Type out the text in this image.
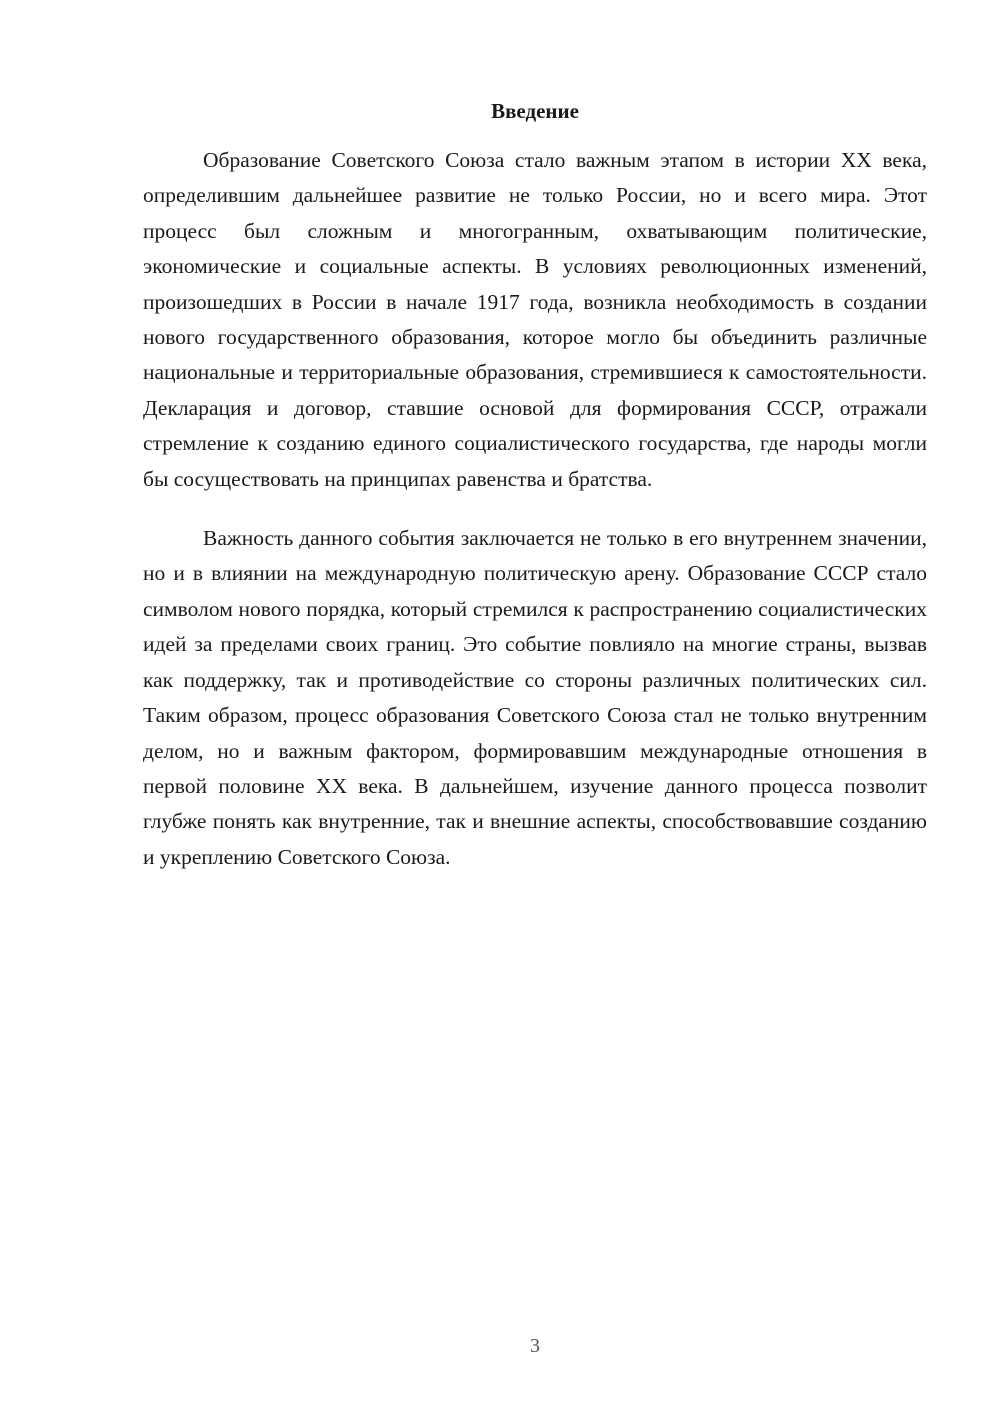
Введение

Образование Советского Союза стало важным этапом в истории XX века, определившим дальнейшее развитие не только России, но и всего мира. Этот процесс был сложным и многогранным, охватывающим политические, экономические и социальные аспекты. В условиях революционных изменений, произошедших в России в начале 1917 года, возникла необходимость в создании нового государственного образования, которое могло бы объединить различные национальные и территориальные образования, стремившиеся к самостоятельности. Декларация и договор, ставшие основой для формирования СССР, отражали стремление к созданию единого социалистического государства, где народы могли бы сосуществовать на принципах равенства и братства.

Важность данного события заключается не только в его внутреннем значении, но и в влиянии на международную политическую арену. Образование СССР стало символом нового порядка, который стремился к распространению социалистических идей за пределами своих границ. Это событие повлияло на многие страны, вызвав как поддержку, так и противодействие со стороны различных политических сил. Таким образом, процесс образования Советского Союза стал не только внутренним делом, но и важным фактором, формировавшим международные отношения в первой половине XX века. В дальнейшем, изучение данного процесса позволит глубже понять как внутренние, так и внешние аспекты, способствовавшие созданию и укреплению Советского Союза.

3
